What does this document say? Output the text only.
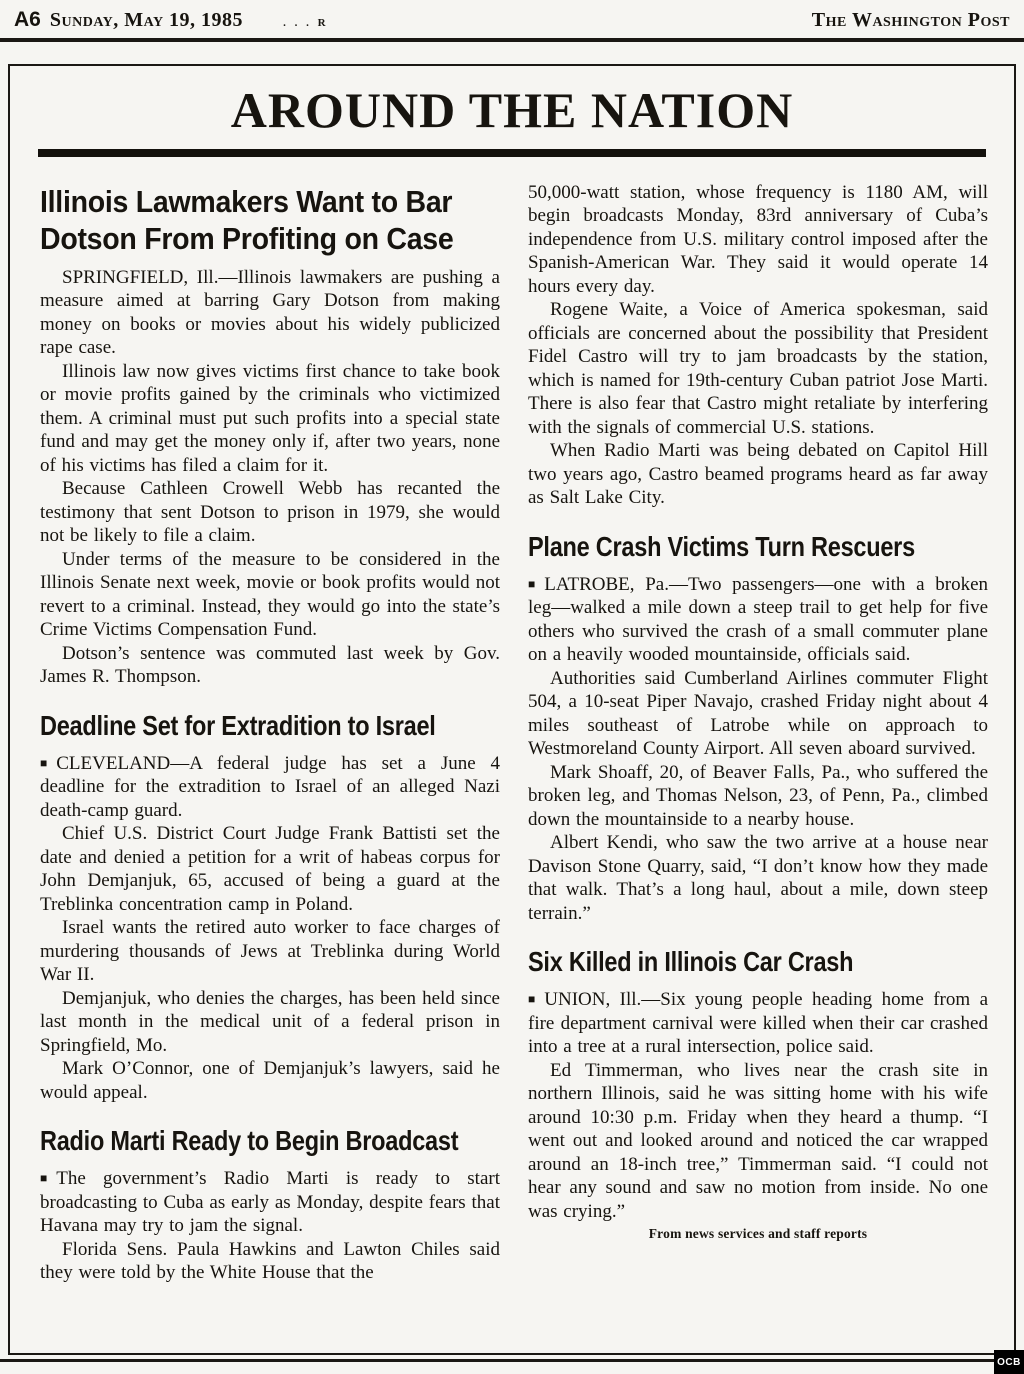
A6 Sunday, May 19, 1985	. . . R	The Washington Post
AROUND THE NATION
Illinois Lawmakers Want to Bar
Dotson From Profiting on Case

SPRINGFIELD, Ill.—Illinois lawmakers are pushing a measure aimed at barring Gary Dotson from making money on books or movies about his widely publicized rape case.

Illinois law now gives victims first chance to take book or movie profits gained by the criminals who victimized them. A criminal must put such profits into a special state fund and may get the money only if, after two years, none of his victims has filed a claim for it.

Because Cathleen Crowell Webb has recanted the testimony that sent Dotson to prison in 1979, she would not be likely to file a claim.

Under terms of the measure to be considered in the Illinois Senate next week, movie or book profits would not revert to a criminal. Instead, they would go into the state’s Crime Victims Compensation Fund.

Dotson’s sentence was commuted last week by Gov. James R. Thompson.

Deadline Set for Extradition to Israel

■ CLEVELAND—A federal judge has set a June 4 deadline for the extradition to Israel of an alleged Nazi death-camp guard.

Chief U.S. District Court Judge Frank Battisti set the date and denied a petition for a writ of habeas corpus for John Demjanjuk, 65, accused of being a guard at the Treblinka concentration camp in Poland.

Israel wants the retired auto worker to face charges of murdering thousands of Jews at Treblinka during World War II.

Demjanjuk, who denies the charges, has been held since last month in the medical unit of a federal prison in Springfield, Mo.

Mark O’Connor, one of Demjanjuk’s lawyers, said he would appeal.

Radio Marti Ready to Begin Broadcast

■ The government’s Radio Marti is ready to start broadcasting to Cuba as early as Monday, despite fears that Havana may try to jam the signal.

Florida Sens. Paula Hawkins and Lawton Chiles said they were told by the White House that the

50,000-watt station, whose frequency is 1180 AM, will begin broadcasts Monday, 83rd anniversary of Cuba’s independence from U.S. military control imposed after the Spanish-American War. They said it would operate 14 hours every day.

Rogene Waite, a Voice of America spokesman, said officials are concerned about the possibility that President Fidel Castro will try to jam broadcasts by the station, which is named for 19th-century Cuban patriot Jose Marti. There is also fear that Castro might retaliate by interfering with the signals of commercial U.S. stations.

When Radio Marti was being debated on Capitol Hill two years ago, Castro beamed programs heard as far away as Salt Lake City.

Plane Crash Victims Turn Rescuers

■ LATROBE, Pa.—Two passengers—one with a broken leg—walked a mile down a steep trail to get help for five others who survived the crash of a small commuter plane on a heavily wooded mountainside, officials said.

Authorities said Cumberland Airlines commuter Flight 504, a 10-seat Piper Navajo, crashed Friday night about 4 miles southeast of Latrobe while on approach to Westmoreland County Airport. All seven aboard survived.

Mark Shoaff, 20, of Beaver Falls, Pa., who suffered the broken leg, and Thomas Nelson, 23, of Penn, Pa., climbed down the mountainside to a nearby house.

Albert Kendi, who saw the two arrive at a house near Davison Stone Quarry, said, “I don’t know how they made that walk. That’s a long haul, about a mile, down steep terrain.”

Six Killed in Illinois Car Crash

■ UNION, Ill.—Six young people heading home from a fire department carnival were killed when their car crashed into a tree at a rural intersection, police said.

Ed Timmerman, who lives near the crash site in northern Illinois, said he was sitting home with his wife around 10:30 p.m. Friday when they heard a thump. “I went out and looked around and noticed the car wrapped around an 18-inch tree,” Timmerman said. “I could not hear any sound and saw no motion from inside. No one was crying.”

From news services and staff reports

OCB
